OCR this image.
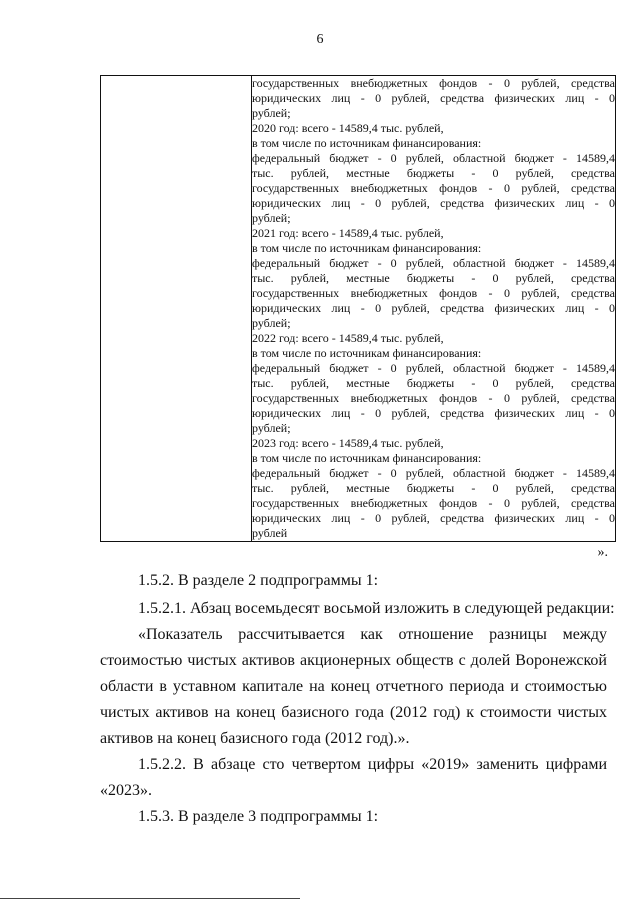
6

государственных внебюджетных фондов - 0 рублей, средства
юридических лиц - 0 рублей, средства физических лиц - 0
рублей;
2020 год: всего - 14589,4 тыс. рублей,
в том числе по источникам финансирования:
федеральный бюджет - 0 рублей, областной бюджет - 14589,4
тыс. рублей, местные бюджеты - 0 рублей, средства
государственных внебюджетных фондов - 0 рублей, средства
юридических лиц - 0 рублей, средства физических лиц - 0
рублей;
2021 год: всего - 14589,4 тыс. рублей,
в том числе по источникам финансирования:
федеральный бюджет - 0 рублей, областной бюджет - 14589,4
тыс. рублей, местные бюджеты - 0 рублей, средства
государственных внебюджетных фондов - 0 рублей, средства
юридических лиц - 0 рублей, средства физических лиц - 0
рублей;
2022 год: всего - 14589,4 тыс. рублей,
в том числе по источникам финансирования:
федеральный бюджет - 0 рублей, областной бюджет - 14589,4
тыс. рублей, местные бюджеты - 0 рублей, средства
государственных внебюджетных фондов - 0 рублей, средства
юридических лиц - 0 рублей, средства физических лиц - 0
рублей;
2023 год: всего - 14589,4 тыс. рублей,
в том числе по источникам финансирования:
федеральный бюджет - 0 рублей, областной бюджет - 14589,4
тыс. рублей, местные бюджеты - 0 рублей, средства
государственных внебюджетных фондов - 0 рублей, средства
юридических лиц - 0 рублей, средства физических лиц - 0
рублей
».
1.5.2. В разделе 2 подпрограммы 1:
1.5.2.1. Абзац восемьдесят восьмой изложить в следующей редакции:
«Показатель рассчитывается как отношение разницы между
стоимостью чистых активов акционерных обществ с долей Воронежской
области в уставном капитале на конец отчетного периода и стоимостью
чистых активов на конец базисного года (2012 год) к стоимости чистых
активов на конец базисного года (2012 год).».
1.5.2.2. В абзаце сто четвертом цифры «2019» заменить цифрами
«2023».
1.5.3. В разделе 3 подпрограммы 1:
